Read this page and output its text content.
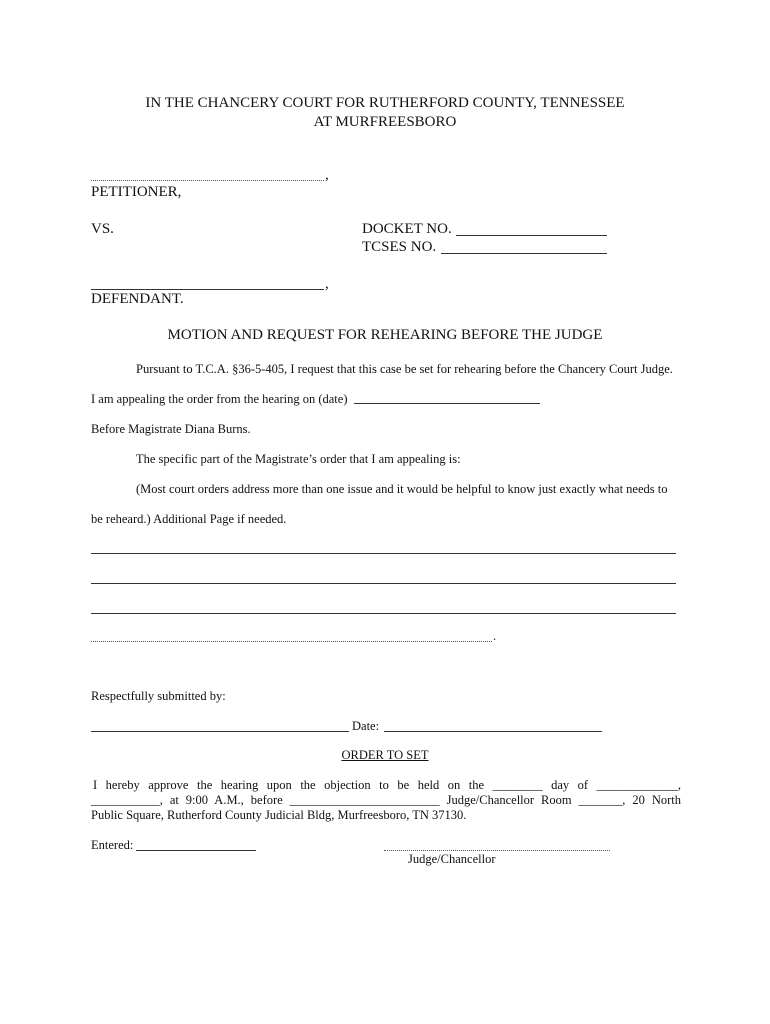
IN THE CHANCERY COURT FOR RUTHERFORD COUNTY, TENNESSEE
AT MURFREESBORO
,
PETITIONER,
VS.	DOCKET NO.
TCSES NO.
,
DEFENDANT.
MOTION AND REQUEST FOR REHEARING BEFORE THE JUDGE
Pursuant to T.C.A. §36-5-405, I request that this case be set for rehearing before the Chancery Court Judge.
I am appealing the order from the hearing on (date)
Before Magistrate Diana Burns.
The specific part of the Magistrate’s order that I am appealing is:
(Most court orders address more than one issue and it would be helpful to know just exactly what needs to
be reheard.) Additional Page if needed.
.
Respectfully submitted by:
Date:
ORDER TO SET
I hereby approve the hearing upon the objection to be held on the ________ day of _____________,
___________, at 9:00 A.M., before ________________________ Judge/Chancellor Room _______, 20 North
Public Square, Rutherford County Judicial Bldg, Murfreesboro, TN 37130.
Entered:
Judge/Chancellor
